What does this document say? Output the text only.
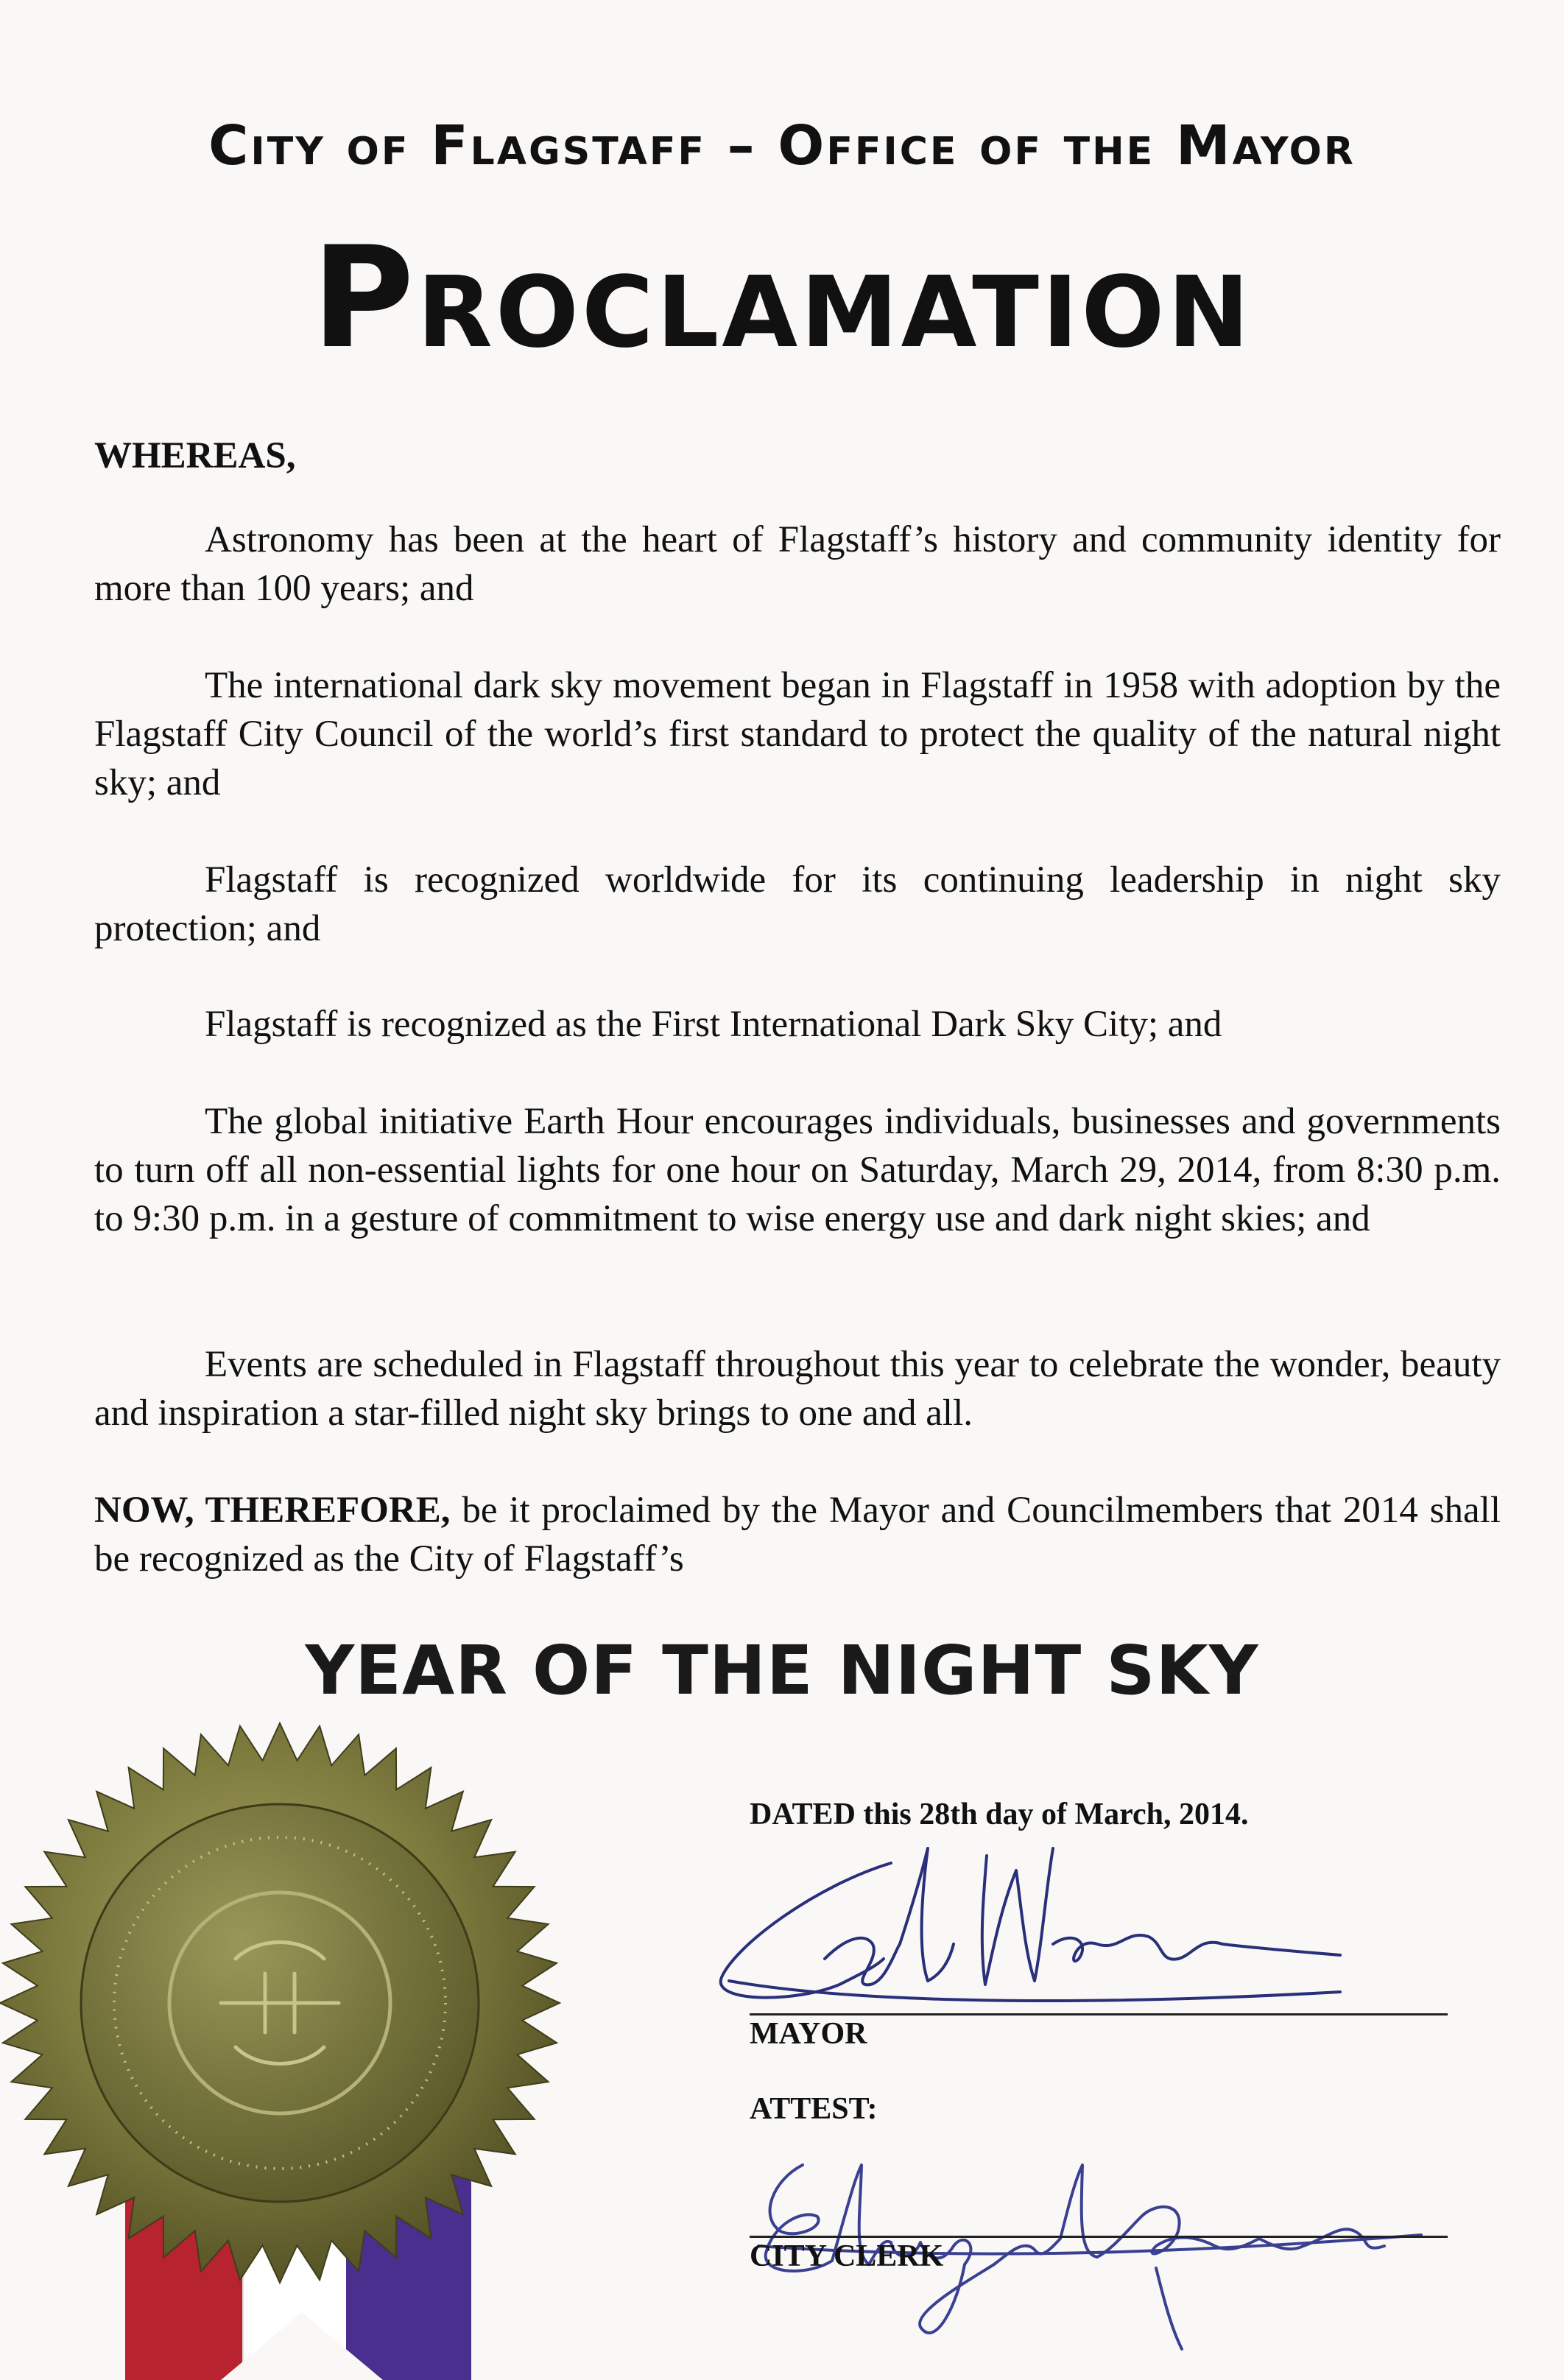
City of Flagstaff – Office of the Mayor
Proclamation
WHEREAS,

Astronomy has been at the heart of Flagstaff’s history and community identity for more than 100 years; and

The international dark sky movement began in Flagstaff in 1958 with adoption by the Flagstaff City Council of the world’s first standard to protect the quality of the natural night sky; and

Flagstaff is recognized worldwide for its continuing leadership in night sky protection; and

Flagstaff is recognized as the First International Dark Sky City; and

The global initiative Earth Hour encourages individuals, businesses and governments to turn off all non-essential lights for one hour on Saturday, March 29, 2014, from 8:30 p.m. to 9:30 p.m. in a gesture of commitment to wise energy use and dark night skies; and

Events are scheduled in Flagstaff throughout this year to celebrate the wonder, beauty and inspiration a star-filled night sky brings to one and all.

NOW, THEREFORE, be it proclaimed by the Mayor and Councilmembers that 2014 shall be recognized as the City of Flagstaff’s

YEAR OF THE NIGHT SKY
DATED this 28th day of March, 2014.
MAYOR
ATTEST:
CITY CLERK
